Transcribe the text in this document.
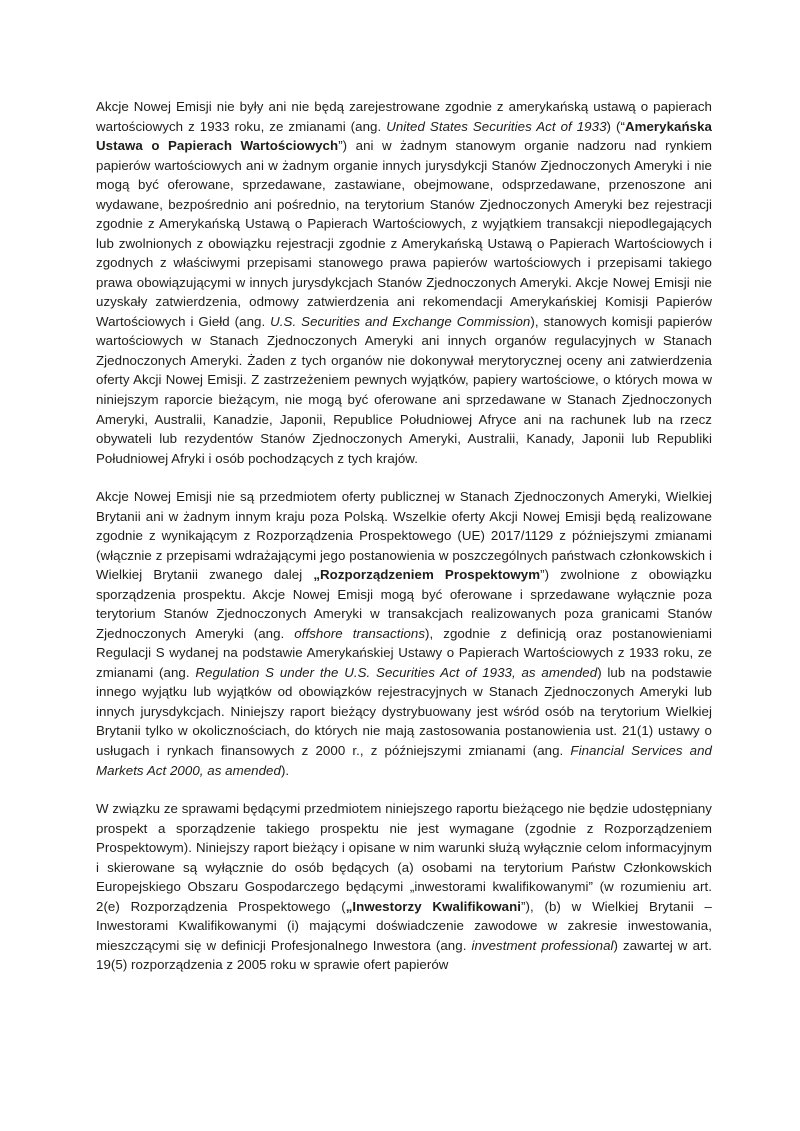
Akcje Nowej Emisji nie były ani nie będą zarejestrowane zgodnie z amerykańską ustawą o papierach wartościowych z 1933 roku, ze zmianami (ang. United States Securities Act of 1933) (“Amerykańska Ustawa o Papierach Wartościowych”) ani w żadnym stanowym organie nadzoru nad rynkiem papierów wartościowych ani w żadnym organie innych jurysdykcji Stanów Zjednoczonych Ameryki i nie mogą być oferowane, sprzedawane, zastawiane, obejmowane, odsprzedawane, przenoszone ani wydawane, bezpośrednio ani pośrednio, na terytorium Stanów Zjednoczonych Ameryki bez rejestracji zgodnie z Amerykańską Ustawą o Papierach Wartościowych, z wyjątkiem transakcji niepodlegających lub zwolnionych z obowiązku rejestracji zgodnie z Amerykańską Ustawą o Papierach Wartościowych i zgodnych z właściwymi przepisami stanowego prawa papierów wartościowych i przepisami takiego prawa obowiązującymi w innych jurysdykcjach Stanów Zjednoczonych Ameryki. Akcje Nowej Emisji nie uzyskały zatwierdzenia, odmowy zatwierdzenia ani rekomendacji Amerykańskiej Komisji Papierów Wartościowych i Giełd (ang. U.S. Securities and Exchange Commission), stanowych komisji papierów wartościowych w Stanach Zjednoczonych Ameryki ani innych organów regulacyjnych w Stanach Zjednoczonych Ameryki. Żaden z tych organów nie dokonywał merytorycznej oceny ani zatwierdzenia oferty Akcji Nowej Emisji. Z zastrzeżeniem pewnych wyjątków, papiery wartościowe, o których mowa w niniejszym raporcie bieżącym, nie mogą być oferowane ani sprzedawane w Stanach Zjednoczonych Ameryki, Australii, Kanadzie, Japonii, Republice Południowej Afryce ani na rachunek lub na rzecz obywateli lub rezydentów Stanów Zjednoczonych Ameryki, Australii, Kanady, Japonii lub Republiki Południowej Afryki i osób pochodzących z tych krajów.

Akcje Nowej Emisji nie są przedmiotem oferty publicznej w Stanach Zjednoczonych Ameryki, Wielkiej Brytanii ani w żadnym innym kraju poza Polską. Wszelkie oferty Akcji Nowej Emisji będą realizowane zgodnie z wynikającym z Rozporządzenia Prospektowego (UE) 2017/1129 z późniejszymi zmianami (włącznie z przepisami wdrażającymi jego postanowienia w poszczególnych państwach członkowskich i Wielkiej Brytanii zwanego dalej „Rozporządzeniem Prospektowym”) zwolnione z obowiązku sporządzenia prospektu. Akcje Nowej Emisji mogą być oferowane i sprzedawane wyłącznie poza terytorium Stanów Zjednoczonych Ameryki w transakcjach realizowanych poza granicami Stanów Zjednoczonych Ameryki (ang. offshore transactions), zgodnie z definicją oraz postanowieniami Regulacji S wydanej na podstawie Amerykańskiej Ustawy o Papierach Wartościowych z 1933 roku, ze zmianami (ang. Regulation S under the U.S. Securities Act of 1933, as amended) lub na podstawie innego wyjątku lub wyjątków od obowiązków rejestracyjnych w Stanach Zjednoczonych Ameryki lub innych jurysdykcjach. Niniejszy raport bieżący dystrybuowany jest wśród osób na terytorium Wielkiej Brytanii tylko w okolicznościach, do których nie mają zastosowania postanowienia ust. 21(1) ustawy o usługach i rynkach finansowych z 2000 r., z późniejszymi zmianami (ang. Financial Services and Markets Act 2000, as amended).

W związku ze sprawami będącymi przedmiotem niniejszego raportu bieżącego nie będzie udostępniany prospekt a sporządzenie takiego prospektu nie jest wymagane (zgodnie z Rozporządzeniem Prospektowym). Niniejszy raport bieżący i opisane w nim warunki służą wyłącznie celom informacyjnym i skierowane są wyłącznie do osób będących (a) osobami na terytorium Państw Członkowskich Europejskiego Obszaru Gospodarczego będącymi „inwestorami kwalifikowanymi” (w rozumieniu art. 2(e) Rozporządzenia Prospektowego („Inwestorzy Kwalifikowani”), (b) w Wielkiej Brytanii – Inwestorami Kwalifikowanymi (i) mającymi doświadczenie zawodowe w zakresie inwestowania, mieszczącymi się w definicji Profesjonalnego Inwestora (ang. investment professional) zawartej w art. 19(5) rozporządzenia z 2005 roku w sprawie ofert papierów
